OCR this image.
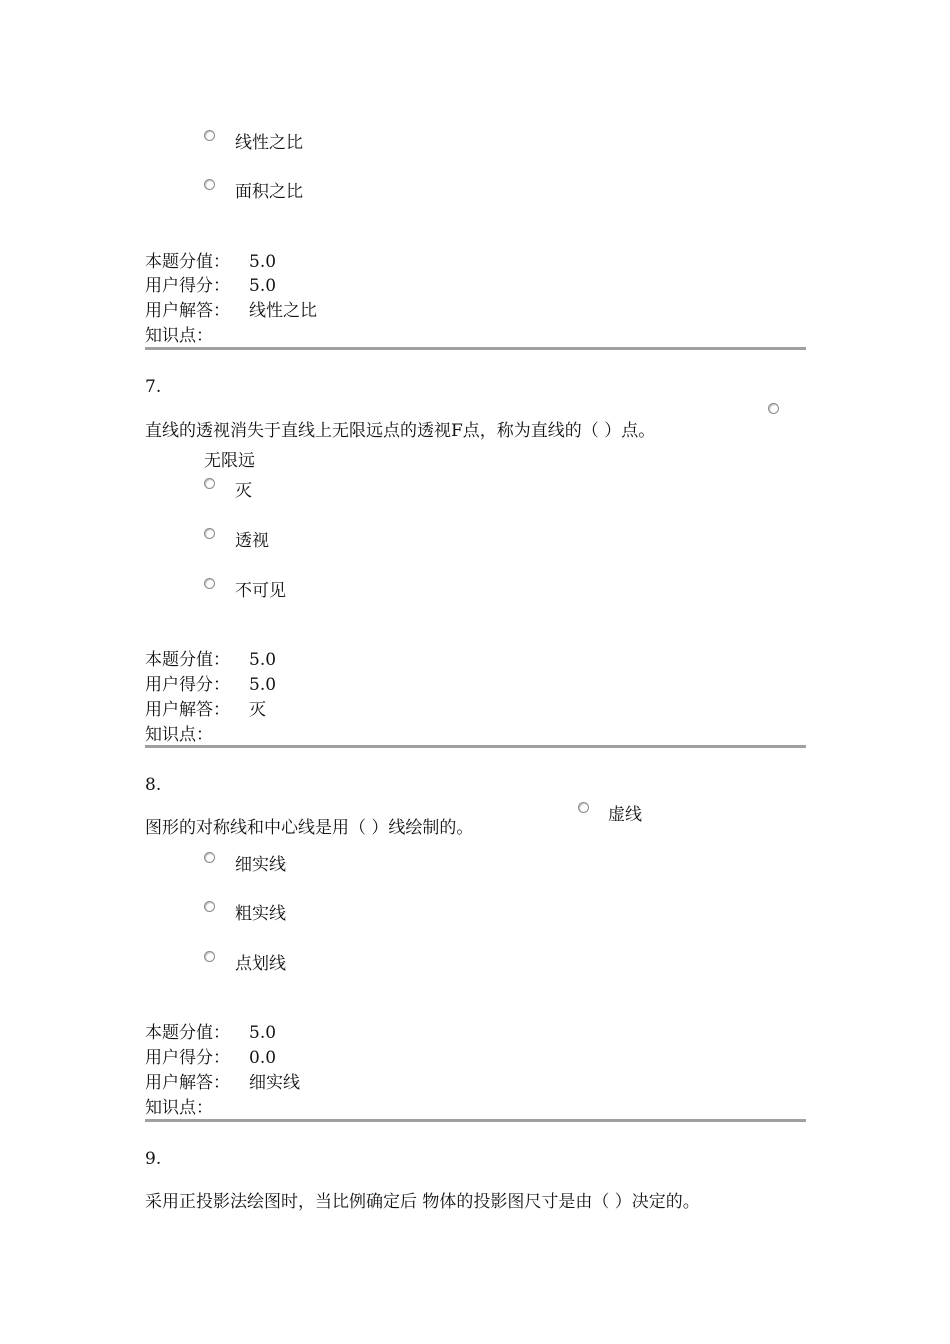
线性之比
面积之比
本题分值： 5.0
用户得分： 5.0
用户解答： 线性之比
知识点：
7.
直线的透视消失于直线上无限远点的透视F点，称为直线的（ ）点。
无限远
灭
透视
不可见
本题分值： 5.0
用户得分： 5.0
用户解答： 灭
知识点：
8.
虚线
图形的对称线和中心线是用（ ）线绘制的。
细实线
粗实线
点划线
本题分值： 5.0
用户得分： 0.0
用户解答： 细实线
知识点：
9.
采用正投影法绘图时，当比例确定后 物体的投影图尺寸是由（ ）决定的。
